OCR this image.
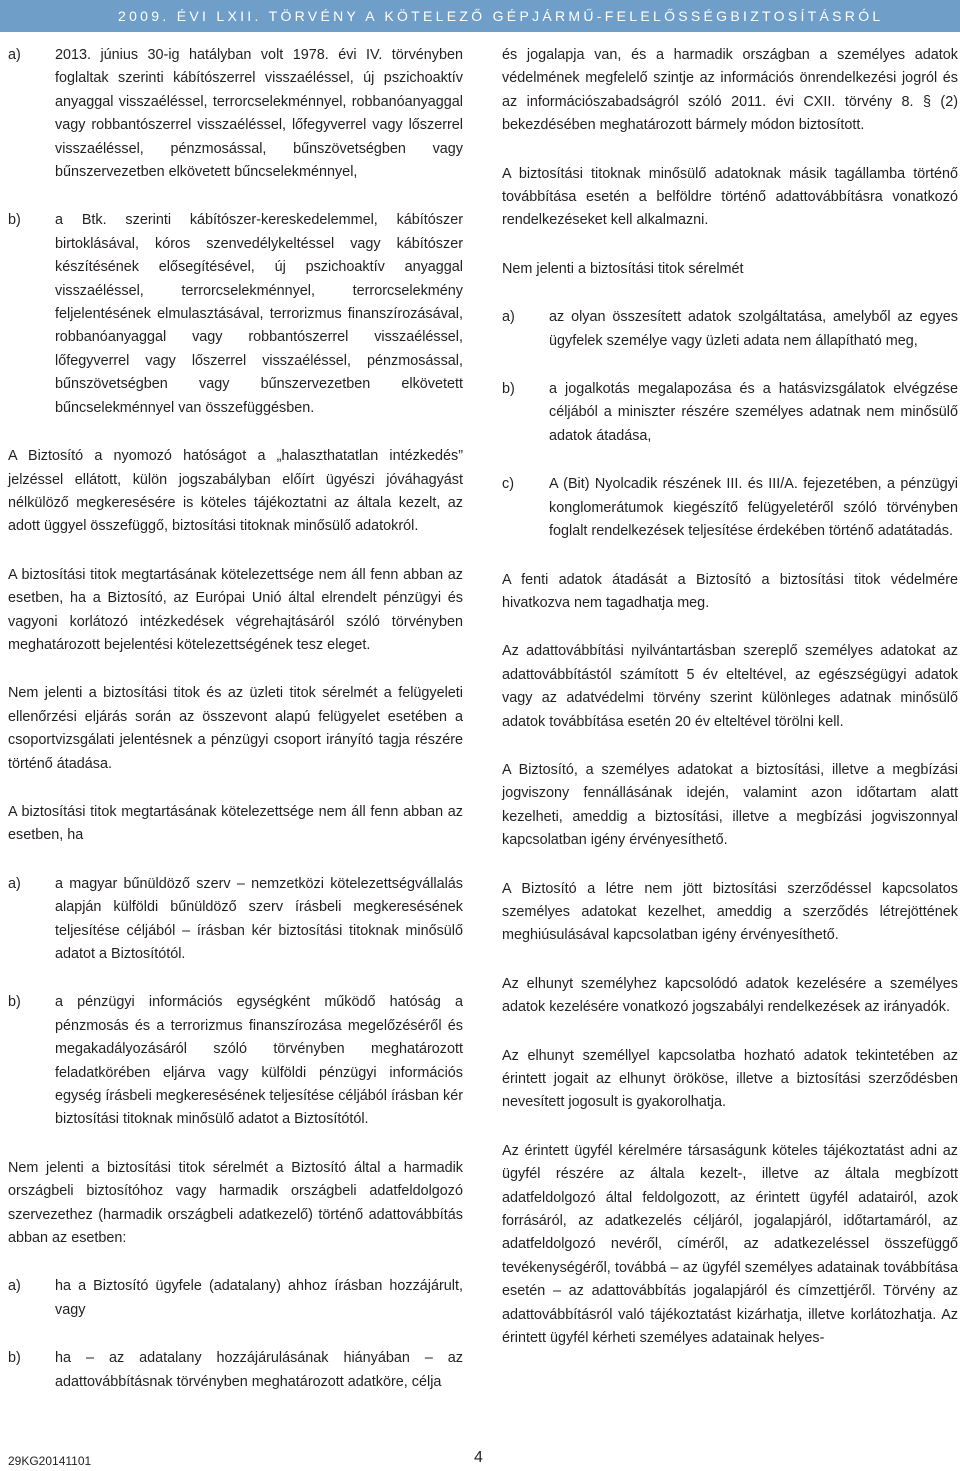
2009. ÉVI LXII. TÖRVÉNY A KÖTELEZŐ GÉPJÁRMŰ-FELELŐSSÉGBIZTOSÍTÁSRÓL
a)	2013. június 30-ig hatályban volt 1978. évi IV. törvényben foglaltak szerinti kábítószerrel visszaéléssel, új pszichoaktív anyaggal visszaéléssel, terrorcselekménnyel, robbanóanyaggal vagy robbantószerrel visszaéléssel, lőfegyverrel vagy lőszerrel visszaéléssel, pénzmosással, bűnszövetségben vagy bűnszervezetben elkövetett bűncselekménnyel,
b)	a Btk. szerinti kábítószer-kereskedelemmel, kábítószer birtoklásával, kóros szenvedélykeltéssel vagy kábítószer készítésének elősegítésével, új pszichoaktív anyaggal visszaéléssel, terrorcselekménnyel, terrorcselekmény feljelentésének elmulasztásával, terrorizmus finanszírozásával, robbanóanyaggal vagy robbantószerrel visszaéléssel, lőfegyverrel vagy lőszerrel visszaéléssel, pénzmosással, bűnszövetségben vagy bűnszervezetben elkövetett bűncselekménnyel van összefüggésben.

A Biztosító a nyomozó hatóságot a „halaszthatatlan intézkedés” jelzéssel ellátott, külön jogszabályban előírt ügyészi jóváhagyást nélkülöző megkeresésére is köteles tájékoztatni az általa kezelt, az adott üggyel összefüggő, biztosítási titoknak minősülő adatokról.

A biztosítási titok megtartásának kötelezettsége nem áll fenn abban az esetben, ha a Biztosító, az Európai Unió által elrendelt pénzügyi és vagyoni korlátozó intézkedések végrehajtásáról szóló törvényben meghatározott bejelentési kötelezettségének tesz eleget.

Nem jelenti a biztosítási titok és az üzleti titok sérelmét a felügyeleti ellenőrzési eljárás során az összevont alapú felügyelet esetében a csoportvizsgálati jelentésnek a pénzügyi csoport irányító tagja részére történő átadása.

A biztosítási titok megtartásának kötelezettsége nem áll fenn abban az esetben, ha

a)	a magyar bűnüldöző szerv – nemzetközi kötelezettségvállalás alapján külföldi bűnüldöző szerv írásbeli megkeresésének teljesítése céljából – írásban kér biztosítási titoknak minősülő adatot a Biztosítótól.
b)	a pénzügyi információs egységként működő hatóság a pénzmosás és a terrorizmus finanszírozása megelőzéséről és megakadályozásáról szóló törvényben meghatározott feladatkörében eljárva vagy külföldi pénzügyi információs egység írásbeli megkeresésének teljesítése céljából írásban kér biztosítási titoknak minősülő adatot a Biztosítótól.

Nem jelenti a biztosítási titok sérelmét a Biztosító által a harmadik országbeli biztosítóhoz vagy harmadik országbeli adatfeldolgozó szervezethez (harmadik országbeli adatkezelő) történő adattovábbítás abban az esetben:

a)	ha a Biztosító ügyfele (adatalany) ahhoz írásban hozzájárult, vagy
b)	ha – az adatalany hozzájárulásának hiányában – az adattovábbításnak törvényben meghatározott adatköre, célja

és jogalapja van, és a harmadik országban a személyes adatok védelmének megfelelő szintje az információs önrendelkezési jogról és az információszabadságról szóló 2011. évi CXII. törvény 8. § (2) bekezdésében meghatározott bármely módon biztosított.

A biztosítási titoknak minősülő adatoknak másik tagállamba történő továbbítása esetén a belföldre történő adattovábbításra vonatkozó rendelkezéseket kell alkalmazni.

Nem jelenti a biztosítási titok sérelmét

a)	az olyan összesített adatok szolgáltatása, amelyből az egyes ügyfelek személye vagy üzleti adata nem állapítható meg,
b)	a jogalkotás megalapozása és a hatásvizsgálatok elvégzése céljából a miniszter részére személyes adatnak nem minősülő adatok átadása,
c)	A (Bit) Nyolcadik részének III. és III/A. fejezetében, a pénzügyi konglomerátumok kiegészítő felügyeletéről szóló törvényben foglalt rendelkezések teljesítése érdekében történő adatátadás.

A fenti adatok átadását a Biztosító a biztosítási titok védelmére hivatkozva nem tagadhatja meg.

Az adattovábbítási nyilvántartásban szereplő személyes adatokat az adattovábbítástól számított 5 év elteltével, az egészségügyi adatok vagy az adatvédelmi törvény szerint különleges adatnak minősülő adatok továbbítása esetén 20 év elteltével törölni kell.

A Biztosító, a személyes adatokat a biztosítási, illetve a megbízási jogviszony fennállásának idején, valamint azon időtartam alatt kezelheti, ameddig a biztosítási, illetve a megbízási jogviszonnyal kapcsolatban igény érvényesíthető.

A Biztosító a létre nem jött biztosítási szerződéssel kapcsolatos személyes adatokat kezelhet, ameddig a szerződés létrejöttének meghiúsulásával kapcsolatban igény érvényesíthető.

Az elhunyt személyhez kapcsolódó adatok kezelésére a személyes adatok kezelésére vonatkozó jogszabályi rendelkezések az irányadók.

Az elhunyt személlyel kapcsolatba hozható adatok tekintetében az érintett jogait az elhunyt örököse, illetve a biztosítási szerződésben nevesített jogosult is gyakorolhatja.

Az érintett ügyfél kérelmére társaságunk köteles tájékoztatást adni az ügyfél részére az általa kezelt-, illetve az általa megbízott adatfeldolgozó által feldolgozott, az érintett ügyfél adatairól, azok forrásáról, az adatkezelés céljáról, jogalapjáról, időtartamáról, az adatfeldolgozó nevéről, címéről, az adatkezeléssel összefüggő tevékenységéről, továbbá – az ügyfél személyes adatainak továbbítása esetén – az adattovábbítás jogalapjáról és címzettjéről. Törvény az adattovábbításról való tájékoztatást kizárhatja, illetve korlátozhatja. Az érintett ügyfél kérheti személyes adatainak helyes-

29KG20141101	4
